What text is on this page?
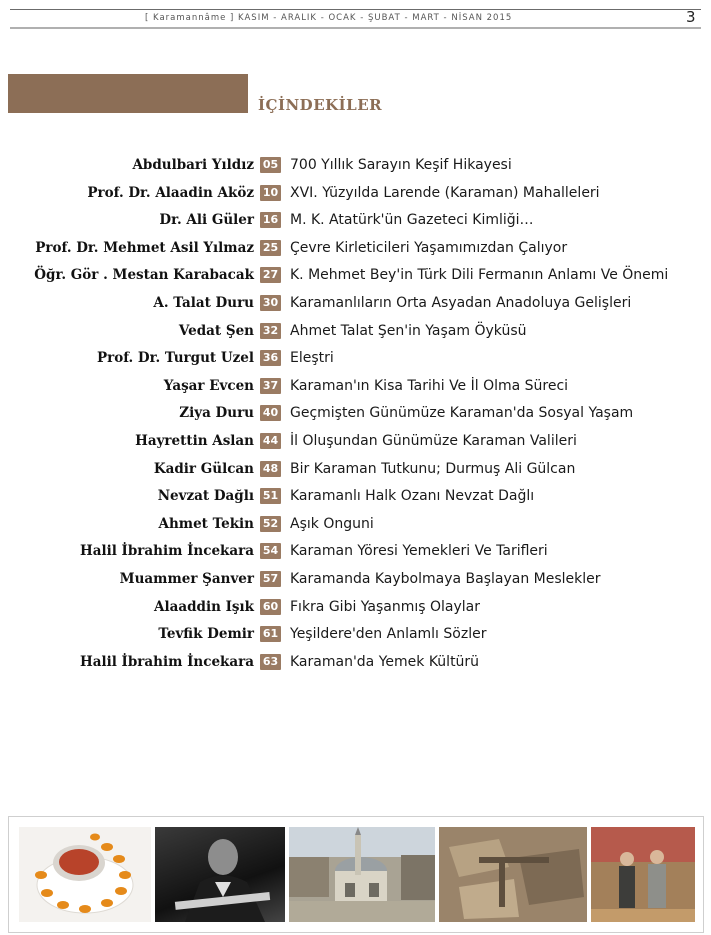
[ Karamannâme ] KASIM - ARALIK - OCAK - ŞUBAT - MART - NİSAN 2015	3
İÇİNDEKİLER
Abdulbari Yıldız 05 700 Yıllık Sarayın Keşif Hikayesi
Prof. Dr. Alaadin Aköz 10 XVI. Yüzyılda Larende (Karaman) Mahalleleri
Dr. Ali Güler 16 M. K. Atatürk'ün Gazeteci Kimliği…
Prof. Dr. Mehmet Asil Yılmaz 25 Çevre Kirleticileri Yaşamımızdan Çalıyor
Öğr. Gör . Mestan Karabacak 27 K. Mehmet Bey'in Türk Dili Fermanın Anlamı Ve Önemi
A. Talat Duru 30 Karamanlıların Orta Asyadan Anadoluya Gelişleri
Vedat Şen 32 Ahmet Talat Şen'in Yaşam Öyküsü
Prof. Dr. Turgut Uzel 36 Eleştri
Yaşar Evcen 37 Karaman'ın Kisa Tarihi Ve İl Olma Süreci
Ziya Duru 40 Geçmişten Günümüze Karaman'da Sosyal Yaşam
Hayrettin Aslan 44 İl Oluşundan Günümüze Karaman Valileri
Kadir Gülcan 48 Bir Karaman Tutkunu; Durmuş Ali Gülcan
Nevzat Dağlı 51 Karamanlı Halk Ozanı Nevzat Dağlı
Ahmet Tekin 52 Aşık Onguni
Halil İbrahim İncekara 54 Karaman Yöresi Yemekleri Ve Tarifleri
Muammer Şanver 57 Karamanda Kaybolmaya Başlayan Meslekler
Alaaddin Işık 60 Fıkra Gibi Yaşanmış Olaylar
Tevfik Demir 61 Yeşildere'den Anlamlı Sözler
Halil İbrahim İncekara 63 Karaman'da Yemek Kültürü
